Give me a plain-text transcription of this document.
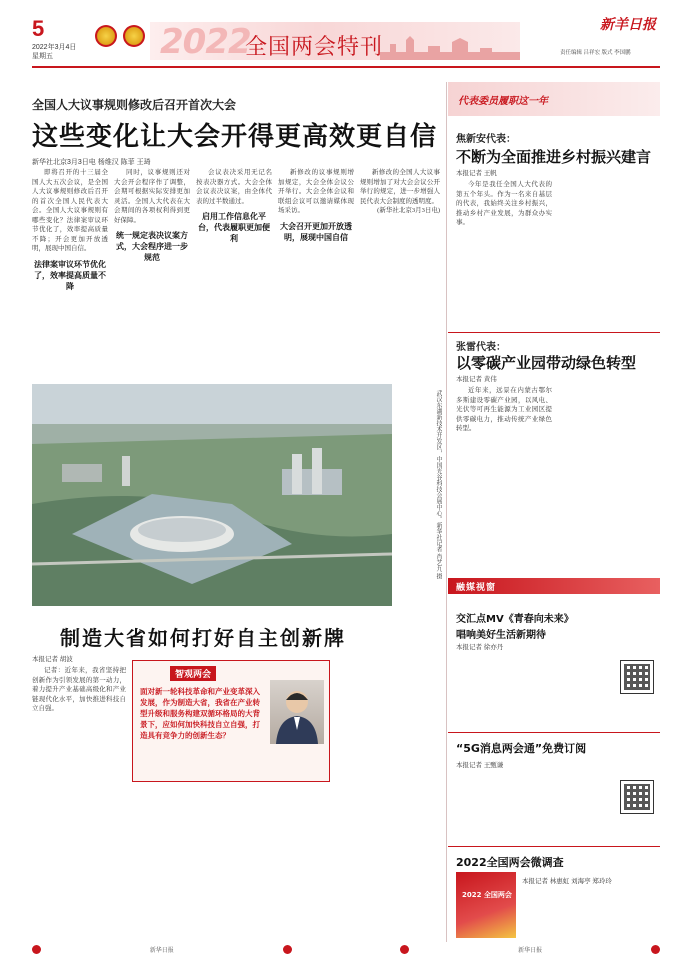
5
2022年3月4日
星期五	2022
全国两会特刊
新羊日报
责任编辑 吕祥宏 版式 李国鹏
全国人大议事规则修改后召开首次大会
这些变化让大会开得更高效更自信
新华社北京3月3日电 杨维汉 陈菲 王琦

即将召开的十三届全国人大五次会议，是全国人大议事规则修改后召开的首次全国人民代表大会。全国人大议事规则有哪些变化？法律案审议环节优化了，效率提高质量不降；开会更加开放透明，展现中国自信。

法律案审议环节优化了，效率提高质量不降

同时，议事规则还对大会开会程序作了调整，会期可根据实际安排更加灵活。全国人大代表在大会期间的各项权利得到更好保障。

统一规定表决议案方式，大会程序进一步规范

会议表决采用无记名按表决器方式。大会全体会议表决议案，由全体代表的过半数通过。

启用工作信息化平台，代表履职更加便利

新修改的议事规则增加规定，大会全体会议公开举行。大会全体会议和联组会议可以邀请媒体现场采访。

大会召开更加开放透明，展现中国自信

新修改的全国人大议事规则增加了对大会会议公开举行的规定，进一步增强人民代表大会制度的透明度。

(新华社北京3月3日电)

代表委员履职这一年
焦新安代表：
不断为全面推进乡村振兴建言
本报记者 王帆

今年是我任全国人大代表的第五个年头。作为一名来自基层的代表，我始终关注乡村振兴，推动乡村产业发展，为群众办实事。

张雷代表：
以零碳产业园带动绿色转型
本报记者 黄伟

近年来，远景在内蒙古鄂尔多斯建设零碳产业园，以风电、光伏等可再生能源为工业园区提供零碳电力，推动传统产业绿色转型。

武汉东湖新技术开发区，中国光谷科技会展中心。新华社记者 肖艺九 摄
制造大省如何打好自主创新牌
本报记者 胡波

记者：近年来，我省坚持把创新作为引领发展的第一动力，着力提升产业基础高级化和产业链现代化水平，加快推进科技自立自强。

智观两会
面对新一轮科技革命和产业变革深入发展，作为制造大省，我省在产业转型升级和服务构建双循环格局的大背景下，应如何加快科技自立自强，打造具有竞争力的创新生态？
融媒视窗
交汇点MV《青春向未来》
唱响美好生活新期待
本报记者 徐亦丹
“5G消息两会通”免费订阅
本报记者 王甄谦
2022全国两会微调查
2022 全国两会
本报记者 林惠虹 刘海亭 郑玲玲
新华日报	新华日报
